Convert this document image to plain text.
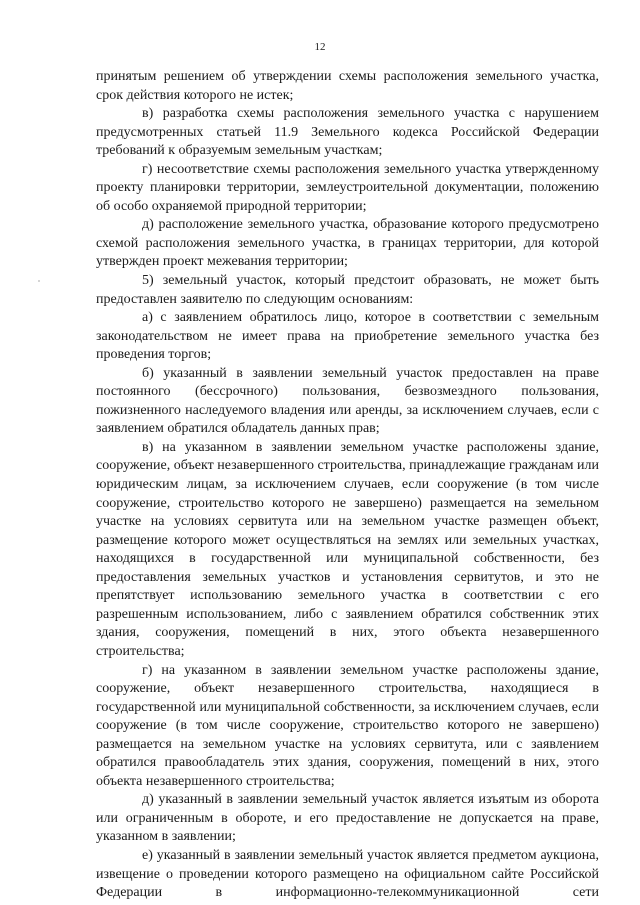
12

принятым решением об утверждении схемы расположения земельного участка, срок действия которого не истек;

в) разработка схемы расположения земельного участка с нарушением предусмотренных статьей 11.9 Земельного кодекса Российской Федерации требований к образуемым земельным участкам;

г) несоответствие схемы расположения земельного участка утвержденному проекту планировки территории, землеустроительной документации, положению об особо охраняемой природной территории;

д) расположение земельного участка, образование которого предусмотрено схемой расположения земельного участка, в границах территории, для которой утвержден проект межевания территории;

5) земельный участок, который предстоит образовать, не может быть предоставлен заявителю по следующим основаниям:

а) с заявлением обратилось лицо, которое в соответствии с земельным законодательством не имеет права на приобретение земельного участка без проведения торгов;

б) указанный в заявлении земельный участок предоставлен на праве постоянного (бессрочного) пользования, безвозмездного пользования, пожизненного наследуемого владения или аренды, за исключением случаев, если с заявлением обратился обладатель данных прав;

в) на указанном в заявлении земельном участке расположены здание, сооружение, объект незавершенного строительства, принадлежащие гражданам или юридическим лицам, за исключением случаев, если сооружение (в том числе сооружение, строительство которого не завершено) размещается на земельном участке на условиях сервитута или на земельном участке размещен объект, размещение которого может осуществляться на землях или земельных участках, находящихся в государственной или муниципальной собственности, без предоставления земельных участков и установления сервитутов, и это не препятствует использованию земельного участка в соответствии с его разрешенным использованием, либо с заявлением обратился собственник этих здания, сооружения, помещений в них, этого объекта незавершенного строительства;

г) на указанном в заявлении земельном участке расположены здание, сооружение, объект незавершенного строительства, находящиеся в государственной или муниципальной собственности, за исключением случаев, если сооружение (в том числе сооружение, строительство которого не завершено) размещается на земельном участке на условиях сервитута, или с заявлением обратился правообладатель этих здания, сооружения, помещений в них, этого объекта незавершенного строительства;

д) указанный в заявлении земельный участок является изъятым из оборота или ограниченным в обороте, и его предоставление не допускается на праве, указанном в заявлении;

е) указанный в заявлении земельный участок является предметом аукциона, извещение о проведении которого размещено на официальном сайте Российской Федерации в информационно-телекоммуникационной сети
